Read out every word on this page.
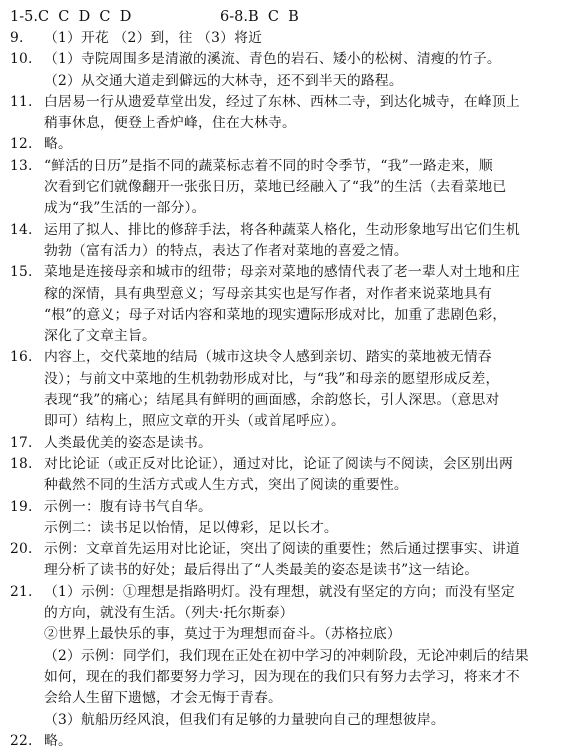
1-5.C  C  D  C  D	6-8.B  C  B
9.	（1）开花 （2）到，往 （3）将近
10. （1）寺院周围多是清澈的溪流、青色的岩石、矮小的松树、清瘦的竹子。
（2）从交通大道走到僻远的大林寺，还不到半天的路程。
11. 白居易一行从遗爱草堂出发，经过了东林、西林二寺，到达化城寺，在峰顶上
稍事休息，便登上香炉峰，住在大林寺。
12. 略。
13. “鲜活的日历”是指不同的蔬菜标志着不同的时令季节，“我”一路走来，顺
次看到它们就像翻开一张张日历，菜地已经融入了“我”的生活（去看菜地已
成为“我”生活的一部分）。
14. 运用了拟人、排比的修辞手法，将各种蔬菜人格化，生动形象地写出它们生机
勃勃（富有活力）的特点，表达了作者对菜地的喜爱之情。
15. 菜地是连接母亲和城市的纽带；母亲对菜地的感情代表了老一辈人对土地和庄
稼的深情，具有典型意义；写母亲其实也是写作者，对作者来说菜地具有
“根”的意义；母子对话内容和菜地的现实遭际形成对比，加重了悲剧色彩，
深化了文章主旨。
16. 内容上，交代菜地的结局（城市这块令人感到亲切、踏实的菜地被无情吞
没）；与前文中菜地的生机勃勃形成对比，与“我”和母亲的愿望形成反差，
表现“我”的痛心；结尾具有鲜明的画面感，余韵悠长，引人深思。（意思对
即可）结构上，照应文章的开头（或首尾呼应）。
17. 人类最优美的姿态是读书。
18. 对比论证（或正反对比论证），通过对比，论证了阅读与不阅读，会区别出两
种截然不同的生活方式或人生方式，突出了阅读的重要性。
19. 示例一：腹有诗书气自华。
示例二：读书足以怡情，足以傅彩，足以长才。
20. 示例：文章首先运用对比论证，突出了阅读的重要性；然后通过摆事实、讲道
理分析了读书的好处；最后得出了“人类最美的姿态是读书”这一结论。
21. （1）示例：①理想是指路明灯。没有理想，就没有坚定的方向；而没有坚定
的方向，就没有生活。（列夫·托尔斯泰）
②世界上最快乐的事，莫过于为理想而奋斗。（苏格拉底）
（2）示例：同学们，我们现在正处在初中学习的冲刺阶段，无论冲刺后的结果
如何，现在的我们都要努力学习，因为现在的我们只有努力去学习，将来才不
会给人生留下遗憾，才会无悔于青春。
（3）航船历经风浪，但我们有足够的力量驶向自己的理想彼岸。
22. 略。
